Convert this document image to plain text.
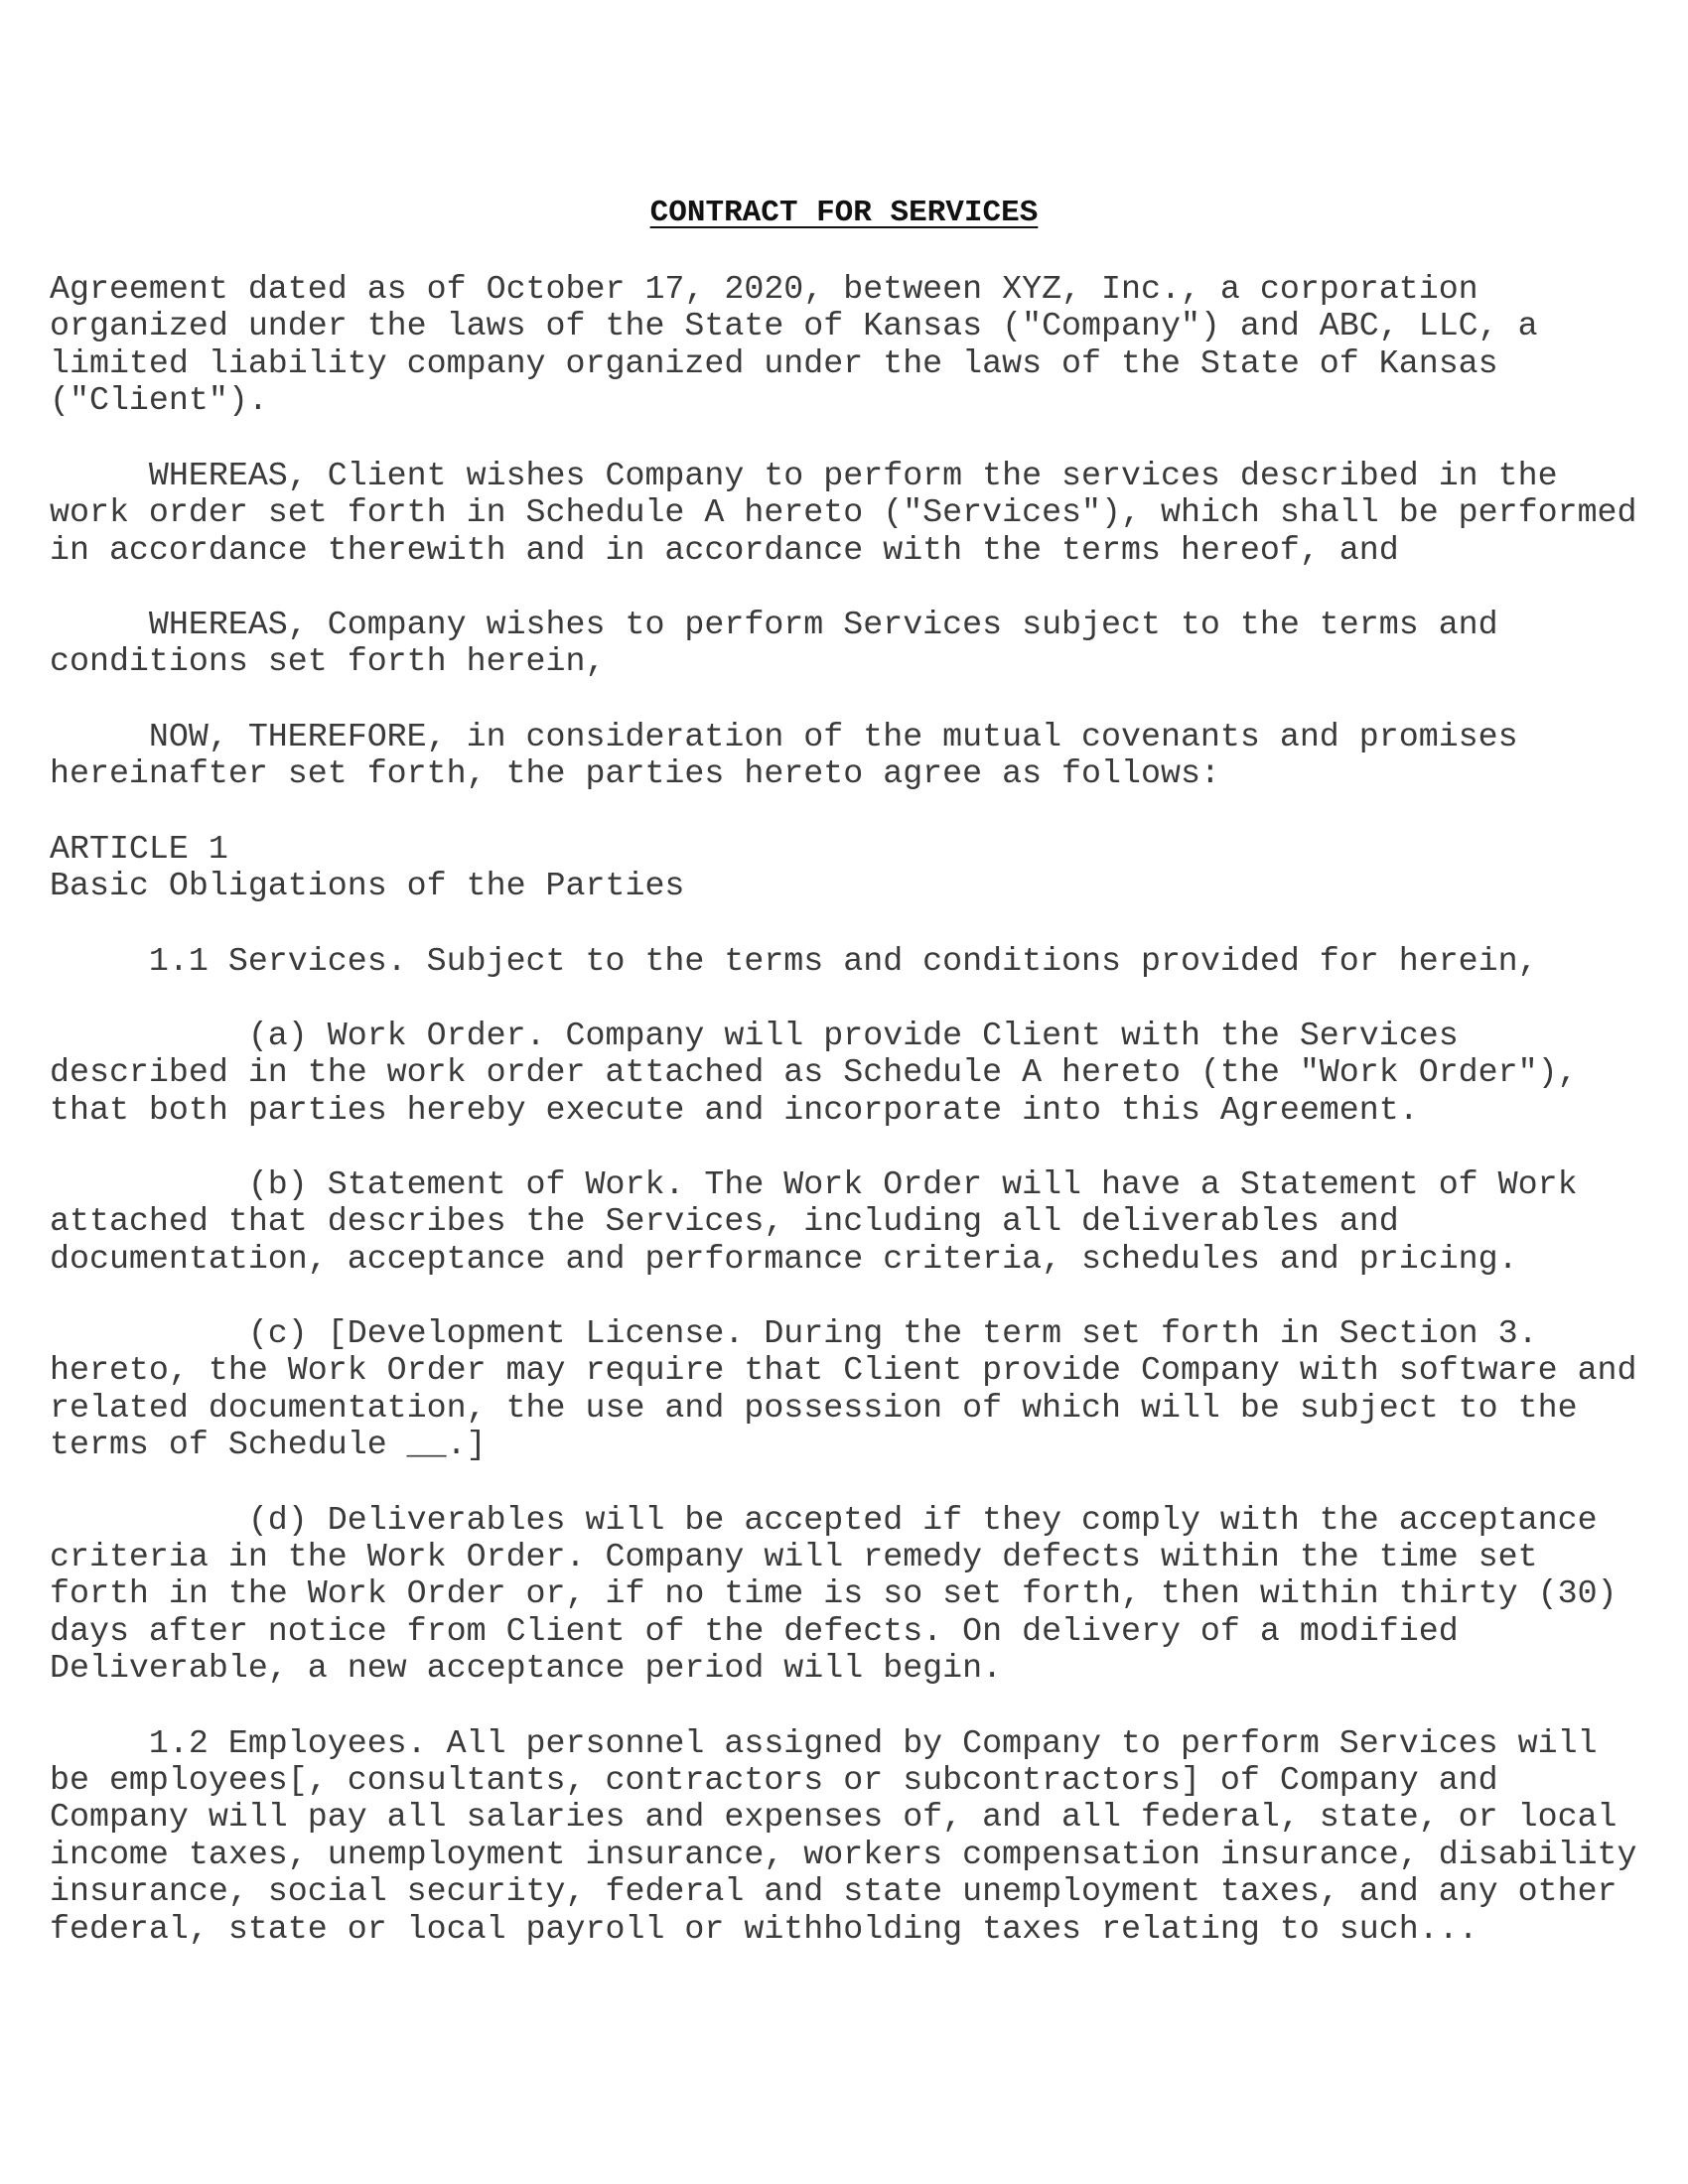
CONTRACT FOR SERVICES
Agreement dated as of October 17, 2020, between XYZ, Inc., a corporation
organized under the laws of the State of Kansas ("Company") and ABC, LLC, a
limited liability company organized under the laws of the State of Kansas
("Client").
WHEREAS, Client wishes Company to perform the services described in the
work order set forth in Schedule A hereto ("Services"), which shall be performed
in accordance therewith and in accordance with the terms hereof, and
WHEREAS, Company wishes to perform Services subject to the terms and
conditions set forth herein,
NOW, THEREFORE, in consideration of the mutual covenants and promises
hereinafter set forth, the parties hereto agree as follows:
ARTICLE 1
Basic Obligations of the Parties
1.1 Services. Subject to the terms and conditions provided for herein,
(a) Work Order. Company will provide Client with the Services
described in the work order attached as Schedule A hereto (the "Work Order"),
that both parties hereby execute and incorporate into this Agreement.
(b) Statement of Work. The Work Order will have a Statement of Work
attached that describes the Services, including all deliverables and
documentation, acceptance and performance criteria, schedules and pricing.
(c) [Development License. During the term set forth in Section 3.
hereto, the Work Order may require that Client provide Company with software and
related documentation, the use and possession of which will be subject to the
terms of Schedule __.]
(d) Deliverables will be accepted if they comply with the acceptance
criteria in the Work Order. Company will remedy defects within the time set
forth in the Work Order or, if no time is so set forth, then within thirty (30)
days after notice from Client of the defects. On delivery of a modified
Deliverable, a new acceptance period will begin.
1.2 Employees. All personnel assigned by Company to perform Services will
be employees[, consultants, contractors or subcontractors] of Company and
Company will pay all salaries and expenses of, and all federal, state, or local
income taxes, unemployment insurance, workers compensation insurance, disability
insurance, social security, federal and state unemployment taxes, and any other
federal, state or local payroll or withholding taxes relating to such...
